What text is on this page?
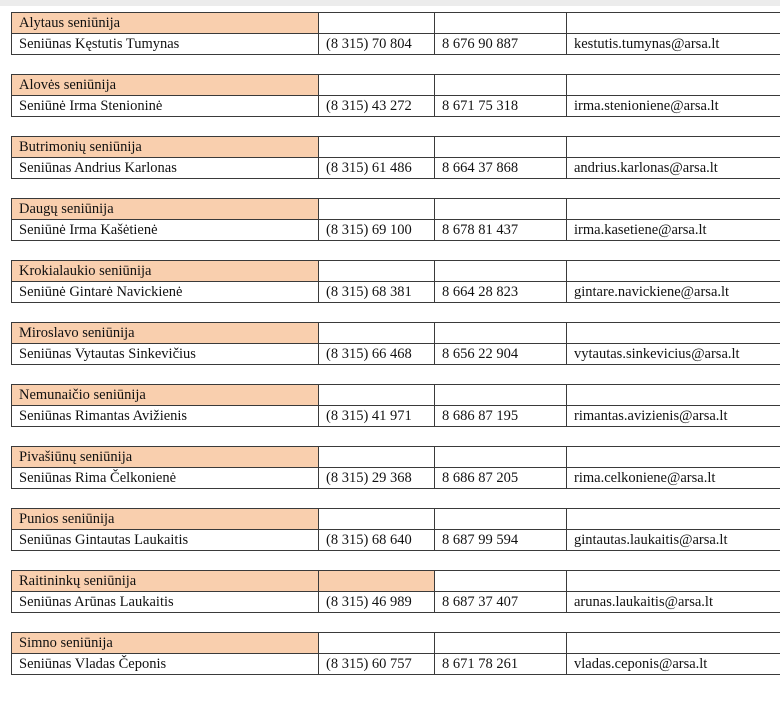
Alytaus seniūnija			
Seniūnas Kęstutis Tumynas	(8 315) 70 804	8 676 90 887	kestutis.tumynas@arsa.lt
Alovės seniūnija			
Seniūnė Irma Stenioninė	(8 315) 43 272	8 671 75 318	irma.stenioniene@arsa.lt
Butrimonių seniūnija			
Seniūnas Andrius Karlonas	(8 315) 61 486	8 664 37 868	andrius.karlonas@arsa.lt
Daugų seniūnija			
Seniūnė Irma Kašėtienė	(8 315) 69 100	8 678 81 437	irma.kasetiene@arsa.lt
Krokialaukio seniūnija			
Seniūnė Gintarė Navickienė	(8 315) 68 381	8 664 28 823	gintare.navickiene@arsa.lt
Miroslavo seniūnija			
Seniūnas Vytautas Sinkevičius	(8 315) 66 468	8 656 22 904	vytautas.sinkevicius@arsa.lt
Nemunaičio seniūnija			
Seniūnas Rimantas Avižienis	(8 315) 41 971	8 686 87 195	rimantas.avizienis@arsa.lt
Pivašiūnų seniūnija			
Seniūnas Rima Čelkonienė	(8 315) 29 368	8 686 87 205	rima.celkoniene@arsa.lt
Punios seniūnija			
Seniūnas Gintautas Laukaitis	(8 315) 68 640	8 687 99 594	gintautas.laukaitis@arsa.lt
Raitininkų seniūnija			
Seniūnas Arūnas Laukaitis	(8 315) 46 989	8 687 37 407	arunas.laukaitis@arsa.lt
Simno seniūnija			
Seniūnas Vladas Čeponis	(8 315) 60 757	8 671 78 261	vladas.ceponis@arsa.lt
